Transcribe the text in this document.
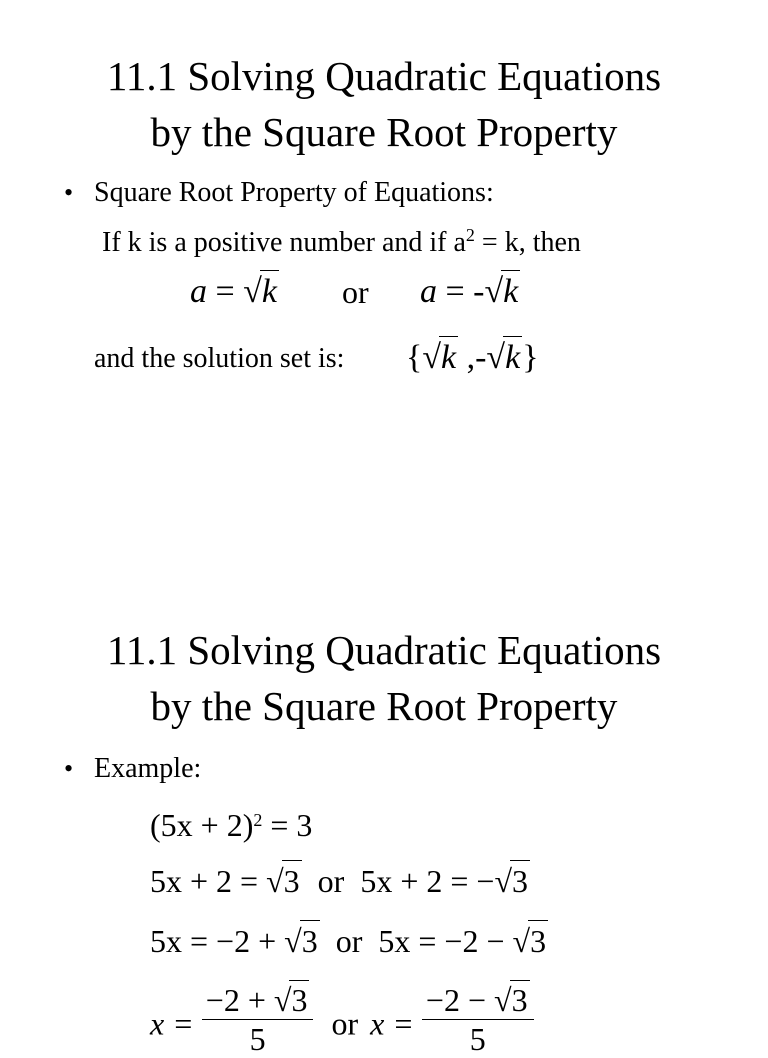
11.1 Solving Quadratic Equations
by the Square Root Property
• Square Root Property of Equations:
If k is a positive number and if $a^2 = k$, then
a = √k or a = -√k
and the solution set is: {√k ,-√k}
11.1 Solving Quadratic Equations
by the Square Root Property
• Example:
$(5x + 2)^2 = 3$
5x + 2 = √3  or  5x + 2 = −√3
5x = −2 + √3  or  5x = −2 − √3
$x = \frac{-2 + √3}{5}$ or $x = \frac{-2 - √3}{5}$
